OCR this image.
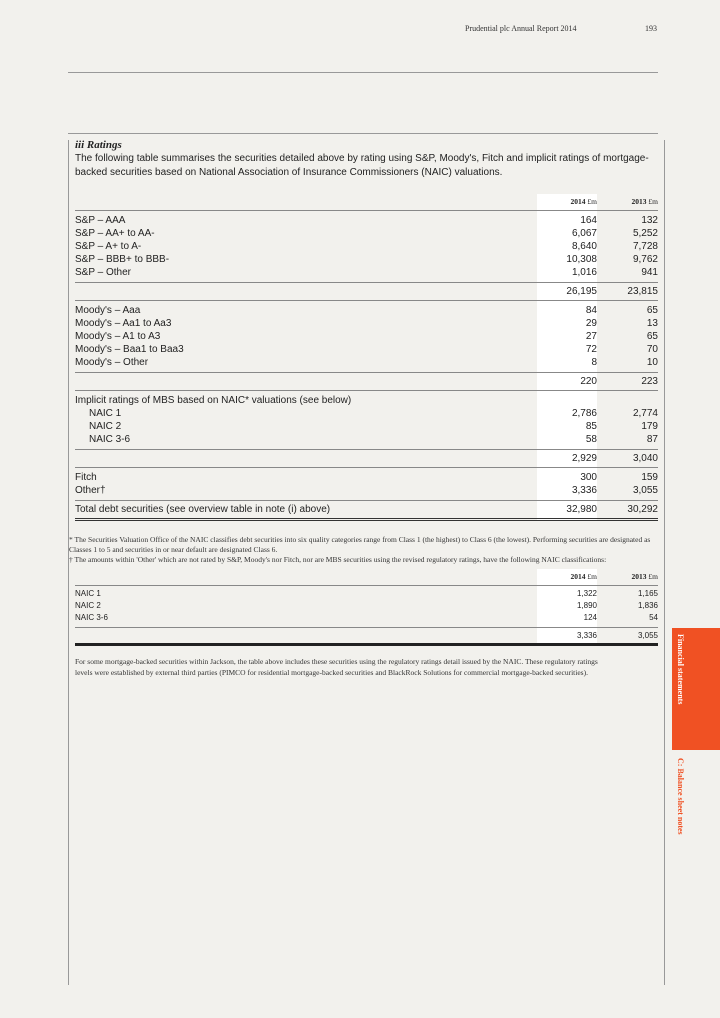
Prudential plc Annual Report 2014	193
iii Ratings

The following table summarises the securities detailed above by rating using S&P, Moody's, Fitch and implicit ratings of mortgage-backed securities based on National Association of Insurance Commissioners (NAIC) valuations.

2014 £m	2013 £m
S&P – AAA	164	132
S&P – AA+ to AA-	6,067	5,252
S&P – A+ to A-	8,640	7,728
S&P – BBB+ to BBB-	10,308	9,762
S&P – Other	1,016	941
26,195	23,815
Moody's – Aaa	84	65
Moody's – Aa1 to Aa3	29	13
Moody's – A1 to A3	27	65
Moody's – Baa1 to Baa3	72	70
Moody's – Other	8	10
220	223
Implicit ratings of MBS based on NAIC* valuations (see below)
NAIC 1	2,786	2,774
NAIC 2	85	179
NAIC 3-6	58	87
2,929	3,040
Fitch	300	159
Other†	3,336	3,055
Total debt securities (see overview table in note (i) above)	32,980	30,292
* The Securities Valuation Office of the NAIC classifies debt securities into six quality categories range from Class 1 (the highest) to Class 6 (the lowest). Performing securities are designated as Classes 1 to 5 and securities in or near default are designated Class 6.
† The amounts within 'Other' which are not rated by S&P, Moody's nor Fitch, nor are MBS securities using the revised regulatory ratings, have the following NAIC classifications:
2014 £m	2013 £m
NAIC 1	1,322	1,165
NAIC 2	1,890	1,836
NAIC 3-6	124	54
3,336	3,055
For some mortgage-backed securities within Jackson, the table above includes these securities using the regulatory ratings detail issued by the NAIC. These regulatory ratings levels were established by external third parties (PIMCO for residential mortgage-backed securities and BlackRock Solutions for commercial mortgage-backed securities).	Financial statements
C: Balance sheet notes
